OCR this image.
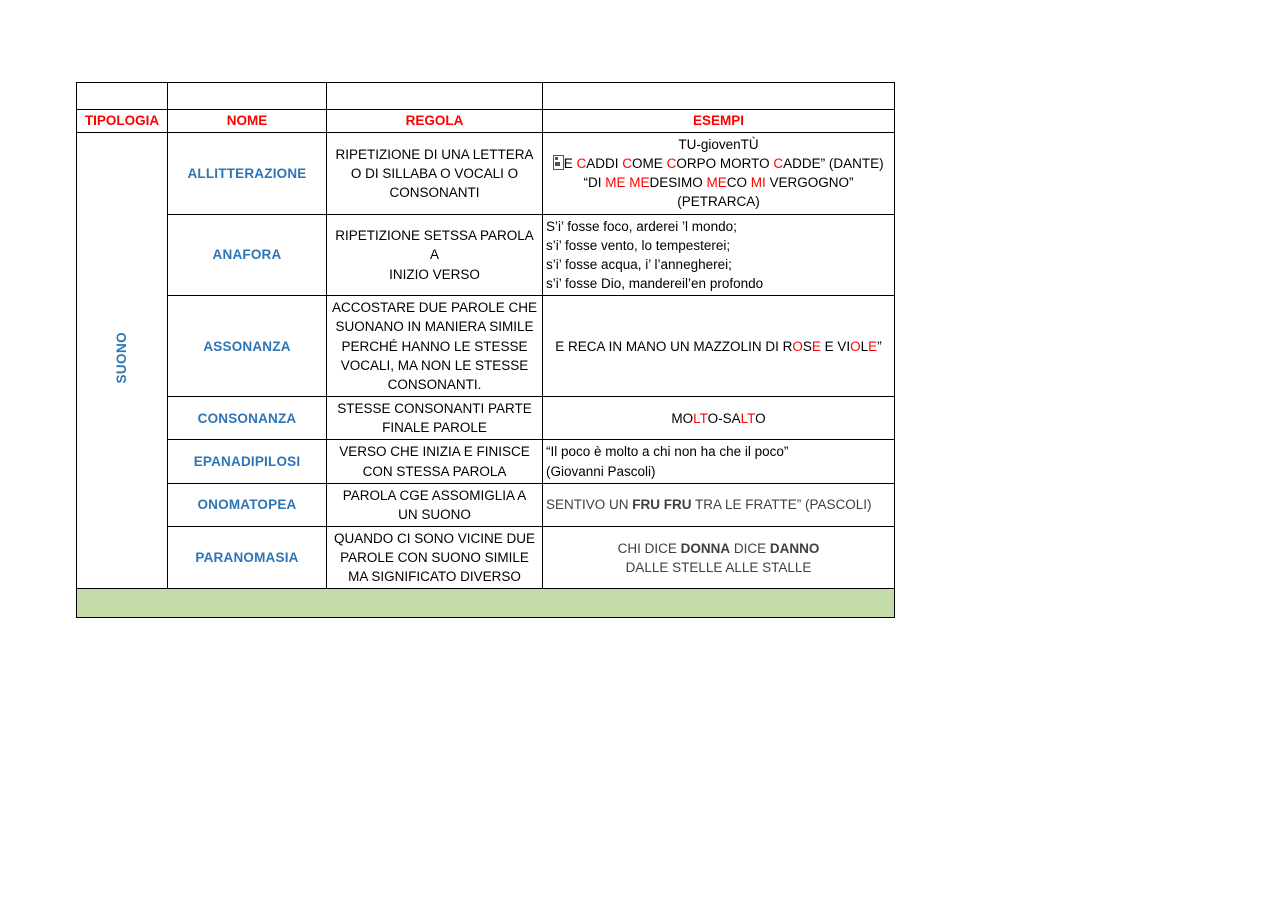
TIPOLOGIA	NOME	REGOLA	ESEMPI
SUONO	ALLITTERAZIONE	RIPETIZIONE DI UNA LETTERA
O DI SILLABA O VOCALI O
CONSONANTI	TU-giovenTÙ
E CADDI COME CORPO MORTO CADDE” (DANTE)
“DI ME MEDESIMO MECO MI VERGOGNO”
(PETRARCA)

	ANAFORA	RIPETIZIONE SETSSA PAROLA A
INIZIO VERSO	S’i’ fosse foco, arderei ’l mondo;
s’i’ fosse vento, lo tempesterei;
s’i’ fosse acqua, i’ l’annegherei;
s’i’ fosse Dio, mandereil’en profondo

	ASSONANZA	ACCOSTARE DUE PAROLE CHE
SUONANO IN MANIERA SIMILE
PERCHÉ HANNO LE STESSE
VOCALI, MA NON LE STESSE
CONSONANTI.	E RECA IN MANO UN MAZZOLIN DI ROSE E VIOLE”

	CONSONANZA	STESSE CONSONANTI PARTE
FINALE PAROLE	MOLTO-SALTO

	EPANADIPILOSI	VERSO CHE INIZIA E FINISCE
CON STESSA PAROLA	“Il poco è molto a chi non ha che il poco”
(Giovanni Pascoli)

	ONOMATOPEA	PAROLA CGE ASSOMIGLIA A
UN SUONO	SENTIVO UN FRU FRU TRA LE FRATTE” (PASCOLI)

	PARANOMASIA	QUANDO CI SONO VICINE DUE
PAROLE CON SUONO SIMILE
MA SIGNIFICATO DIVERSO	CHI DICE DONNA DICE DANNO
DALLE STELLE ALLE STALLE
